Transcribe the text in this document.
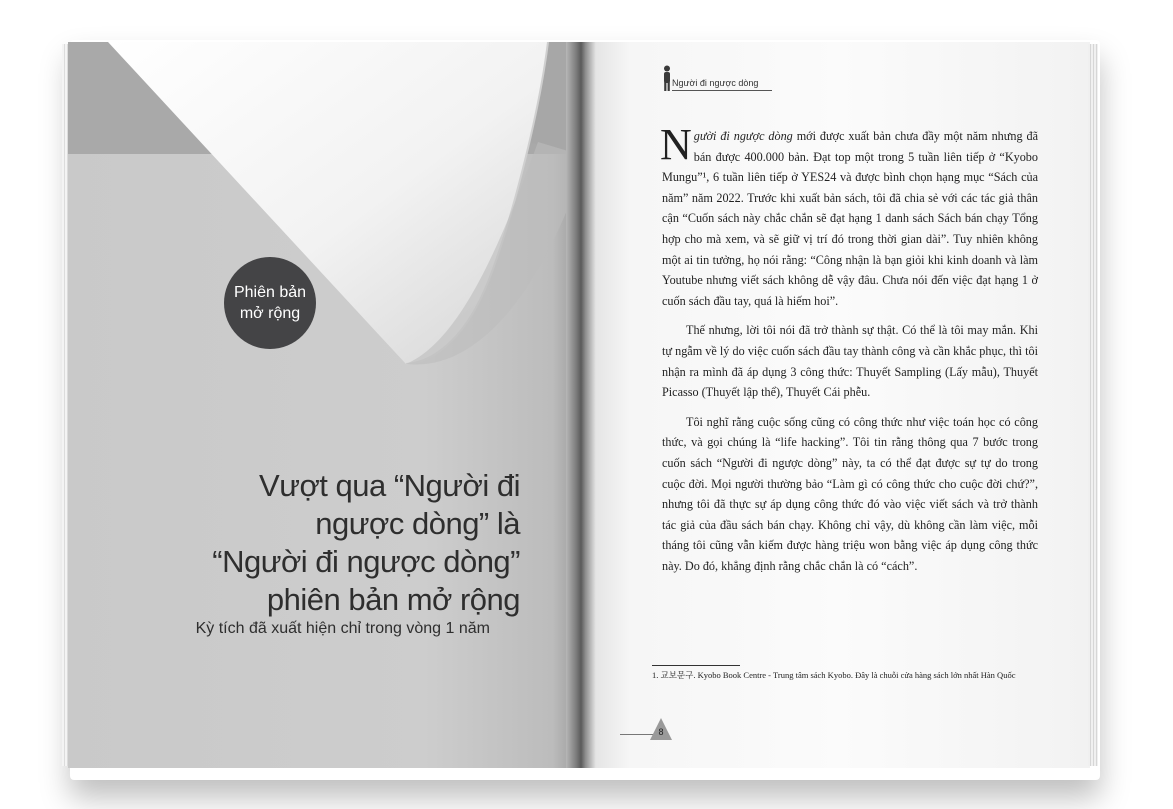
Phiên bản
mở rộng
Vượt qua “Người đi
ngược dòng” là
“Người đi ngược dòng”
phiên bản mở rộng
Kỳ tích đã xuất hiện chỉ trong vòng 1 năm
Người đi ngược dòng

Người đi ngược dòng mới được xuất bản chưa đầy một năm nhưng đã bán được 400.000 bản. Đạt top một trong 5 tuần liên tiếp ở “Kyobo Mungu”¹, 6 tuần liên tiếp ở YES24 và được bình chọn hạng mục “Sách của năm” năm 2022. Trước khi xuất bản sách, tôi đã chia sẻ với các tác giả thân cận “Cuốn sách này chắc chắn sẽ đạt hạng 1 danh sách Sách bán chạy Tổng hợp cho mà xem, và sẽ giữ vị trí đó trong thời gian dài”. Tuy nhiên không một ai tin tưởng, họ nói rằng: “Công nhận là bạn giỏi khi kinh doanh và làm Youtube nhưng viết sách không dễ vậy đâu. Chưa nói đến việc đạt hạng 1 ở cuốn sách đầu tay, quá là hiếm hoi”.

Thế nhưng, lời tôi nói đã trở thành sự thật. Có thể là tôi may mắn. Khi tự ngẫm về lý do việc cuốn sách đầu tay thành công và cần khắc phục, thì tôi nhận ra mình đã áp dụng 3 công thức: Thuyết Sampling (Lấy mẫu), Thuyết Picasso (Thuyết lập thể), Thuyết Cái phễu.

Tôi nghĩ rằng cuộc sống cũng có công thức như việc toán học có công thức, và gọi chúng là “life hacking”. Tôi tin rằng thông qua 7 bước trong cuốn sách “Người đi ngược dòng” này, ta có thể đạt được sự tự do trong cuộc đời. Mọi người thường bảo “Làm gì có công thức cho cuộc đời chứ?”, nhưng tôi đã thực sự áp dụng công thức đó vào việc viết sách và trở thành tác giả của đầu sách bán chạy. Không chỉ vậy, dù không cần làm việc, mỗi tháng tôi cũng vẫn kiếm được hàng triệu won bằng việc áp dụng công thức này. Do đó, khẳng định rằng chắc chắn là có “cách”.

1. 교보문구. Kyobo Book Centre - Trung tâm sách Kyobo. Đây là chuỗi cửa hàng sách lớn nhất Hàn Quốc
8
